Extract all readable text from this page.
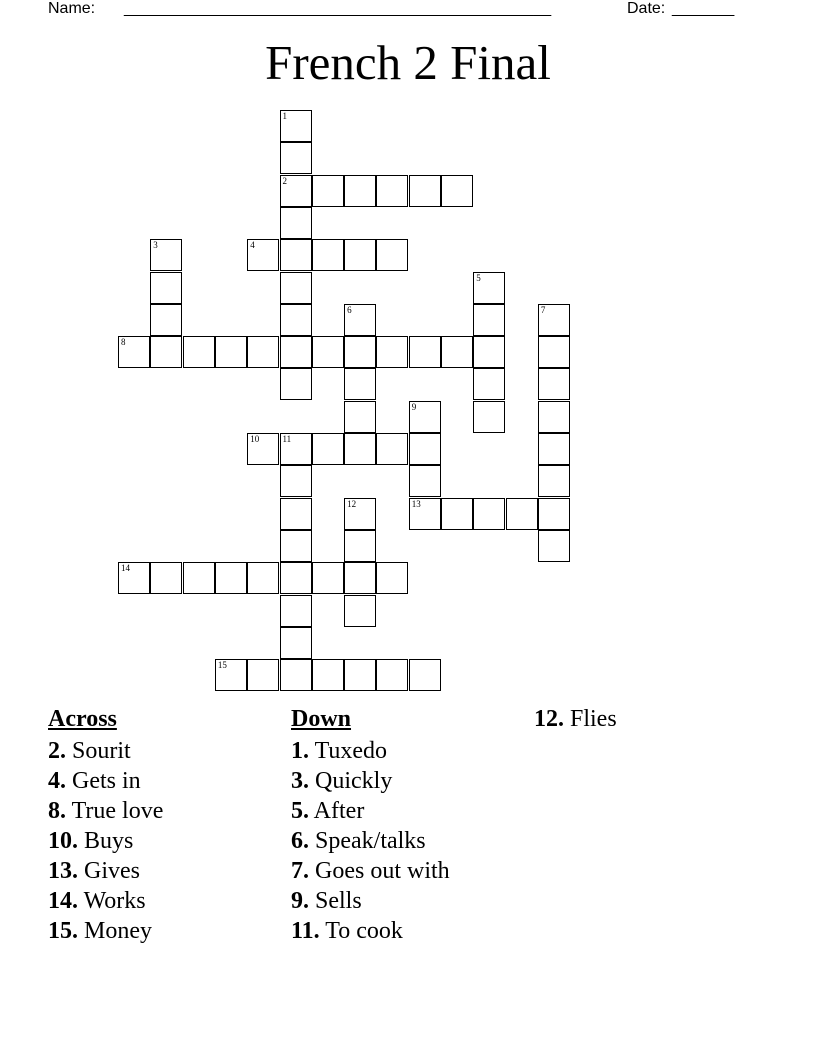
Name: ________________________________________________	Date: _______
French 2 Final
1
2
3	4
5
6	7
8
9
13
10	11
12
14
15
Across
2. Sourit
4. Gets in
8. True love
10. Buys
13. Gives
14. Works
15. Money
Down
1. Tuxedo
3. Quickly
5. After
6. Speak/talks
7. Goes out with
9. Sells
11. To cook
12. Flies
